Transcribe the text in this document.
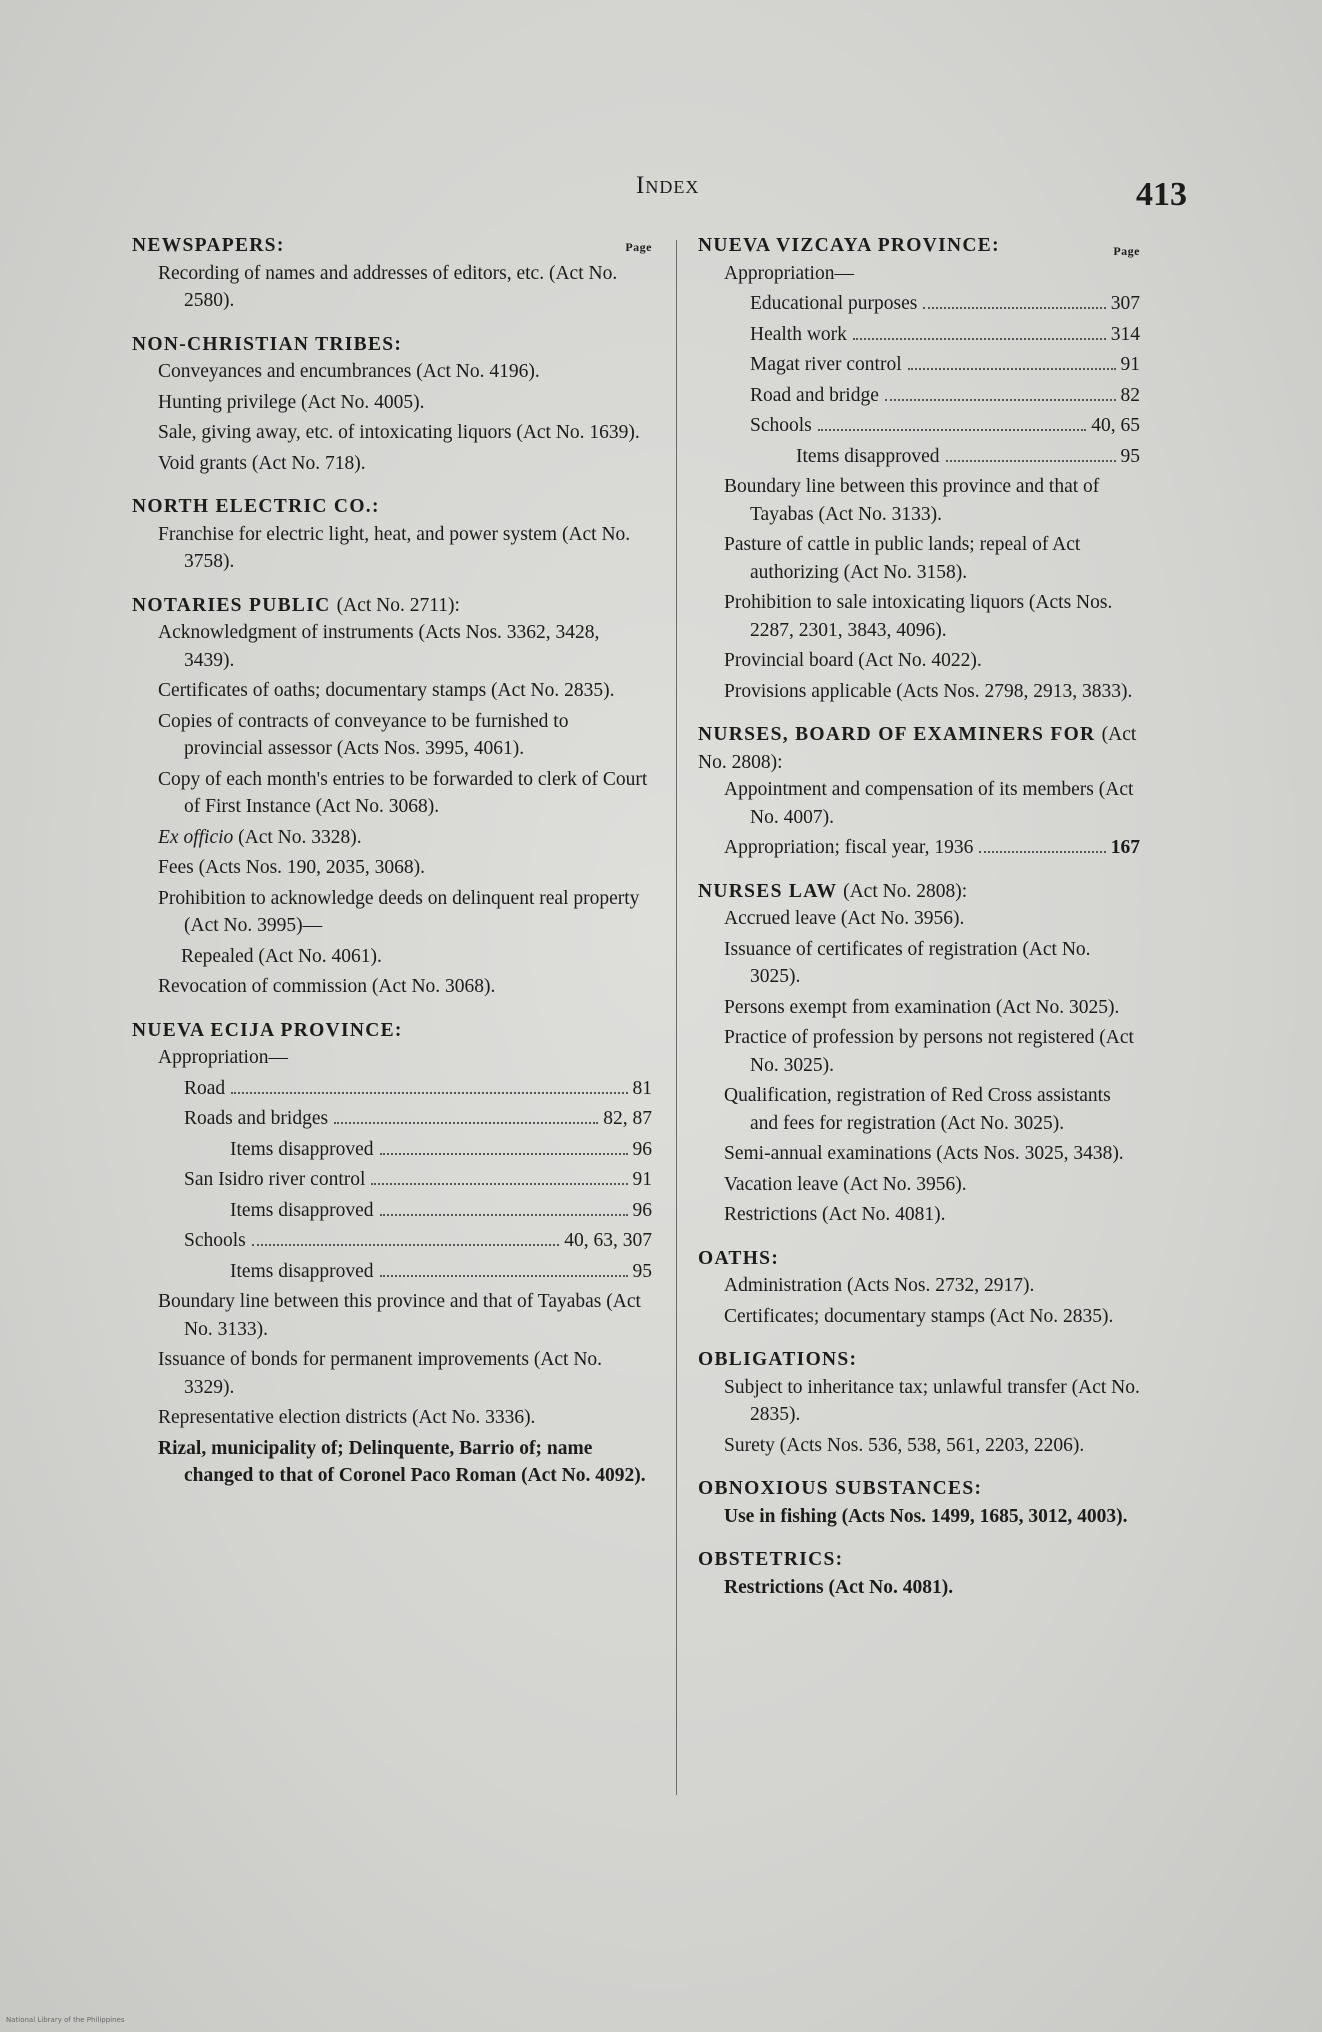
Index	413
Page
NEWSPAPERS:
Recording of names and addresses of editors, etc. (Act No. 2580).
NON-CHRISTIAN TRIBES:
Conveyances and encumbrances (Act No. 4196).
Hunting privilege (Act No. 4005).
Sale, giving away, etc. of intoxicating liquors (Act No. 1639).
Void grants (Act No. 718).
NORTH ELECTRIC CO.:
Franchise for electric light, heat, and power system (Act No. 3758).
NOTARIES PUBLIC (Act No. 2711):
Acknowledgment of instruments (Acts Nos. 3362, 3428, 3439).
Certificates of oaths; documentary stamps (Act No. 2835).
Copies of contracts of conveyance to be furnished to provincial assessor (Acts Nos. 3995, 4061).
Copy of each month's entries to be forwarded to clerk of Court of First Instance (Act No. 3068).
Ex officio (Act No. 3328).
Fees (Acts Nos. 190, 2035, 3068).
Prohibition to acknowledge deeds on delinquent real property (Act No. 3995)—
Repealed (Act No. 4061).
Revocation of commission (Act No. 3068).
NUEVA ECIJA PROVINCE:
Appropriation—
Road	81
Roads and bridges	82, 87
Items disapproved	96
San Isidro river control	91
Items disapproved	96
Schools	40, 63, 307
Items disapproved	95
Boundary line between this province and that of Tayabas (Act No. 3133).
Issuance of bonds for permanent improvements (Act No. 3329).
Representative election districts (Act No. 3336).
Rizal, municipality of; Delinquente, Barrio of; name changed to that of Coronel Paco Roman (Act No. 4092).
Page
NUEVA VIZCAYA PROVINCE:
Appropriation—
Educational purposes	307
Health work	314
Magat river control	91
Road and bridge	82
Schools	40, 65
Items disapproved	95
Boundary line between this province and that of Tayabas (Act No. 3133).
Pasture of cattle in public lands; repeal of Act authorizing (Act No. 3158).
Prohibition to sale intoxicating liquors (Acts Nos. 2287, 2301, 3843, 4096).
Provincial board (Act No. 4022).
Provisions applicable (Acts Nos. 2798, 2913, 3833).
NURSES, BOARD OF EXAMINERS FOR (Act No. 2808):
Appointment and compensation of its members (Act No. 4007).
Appropriation; fiscal year, 1936	167
NURSES LAW (Act No. 2808):
Accrued leave (Act No. 3956).
Issuance of certificates of registration (Act No. 3025).
Persons exempt from examination (Act No. 3025).
Practice of profession by persons not registered (Act No. 3025).
Qualification, registration of Red Cross assistants and fees for registration (Act No. 3025).
Semi-annual examinations (Acts Nos. 3025, 3438).
Vacation leave (Act No. 3956).
Restrictions (Act No. 4081).
OATHS:
Administration (Acts Nos. 2732, 2917).
Certificates; documentary stamps (Act No. 2835).
OBLIGATIONS:
Subject to inheritance tax; unlawful transfer (Act No. 2835).
Surety (Acts Nos. 536, 538, 561, 2203, 2206).
OBNOXIOUS SUBSTANCES:
Use in fishing (Acts Nos. 1499, 1685, 3012, 4003).
OBSTETRICS:
Restrictions (Act No. 4081).
National Library of the Philippines
